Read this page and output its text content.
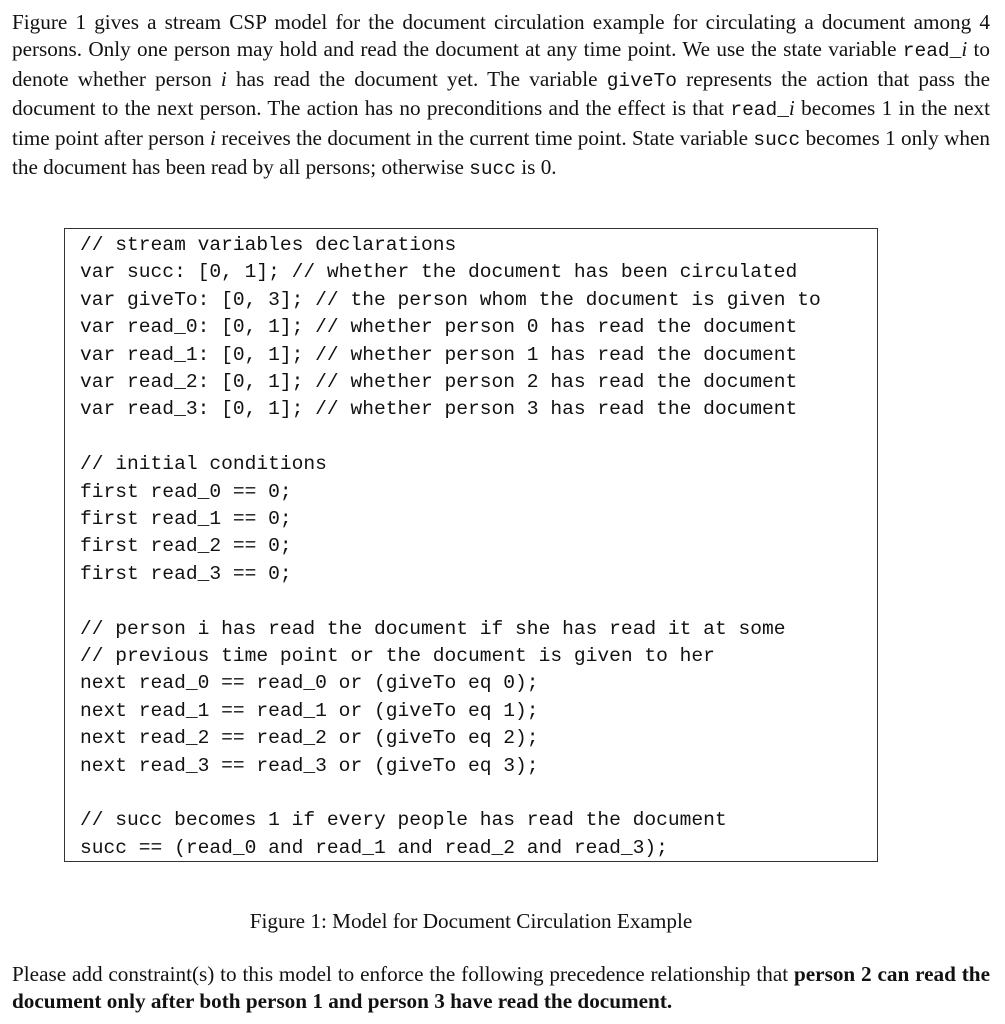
Figure 1 gives a stream CSP model for the document circulation example for circulating a document among 4 persons. Only one person may hold and read the document at any time point. We use the state variable read_i to denote whether person i has read the document yet. The variable giveTo represents the action that pass the document to the next person. The action has no preconditions and the effect is that read_i becomes 1 in the next time point after person i receives the document in the current time point. State variable succ becomes 1 only when the document has been read by all persons; otherwise succ is 0.

// stream variables declarations
var succ: [0, 1]; // whether the document has been circulated
var giveTo: [0, 3]; // the person whom the document is given to
var read_0: [0, 1]; // whether person 0 has read the document
var read_1: [0, 1]; // whether person 1 has read the document
var read_2: [0, 1]; // whether person 2 has read the document
var read_3: [0, 1]; // whether person 3 has read the document
// initial conditions
first read_0 == 0;
first read_1 == 0;
first read_2 == 0;
first read_3 == 0;
// person i has read the document if she has read it at some
// previous time point or the document is given to her
next read_0 == read_0 or (giveTo eq 0);
next read_1 == read_1 or (giveTo eq 1);
next read_2 == read_2 or (giveTo eq 2);
next read_3 == read_3 or (giveTo eq 3);
// succ becomes 1 if every people has read the document
succ == (read_0 and read_1 and read_2 and read_3);
Figure 1: Model for Document Circulation Example

Please add constraint(s) to this model to enforce the following precedence relationship that person 2 can read the document only after both person 1 and person 3 have read the document.
